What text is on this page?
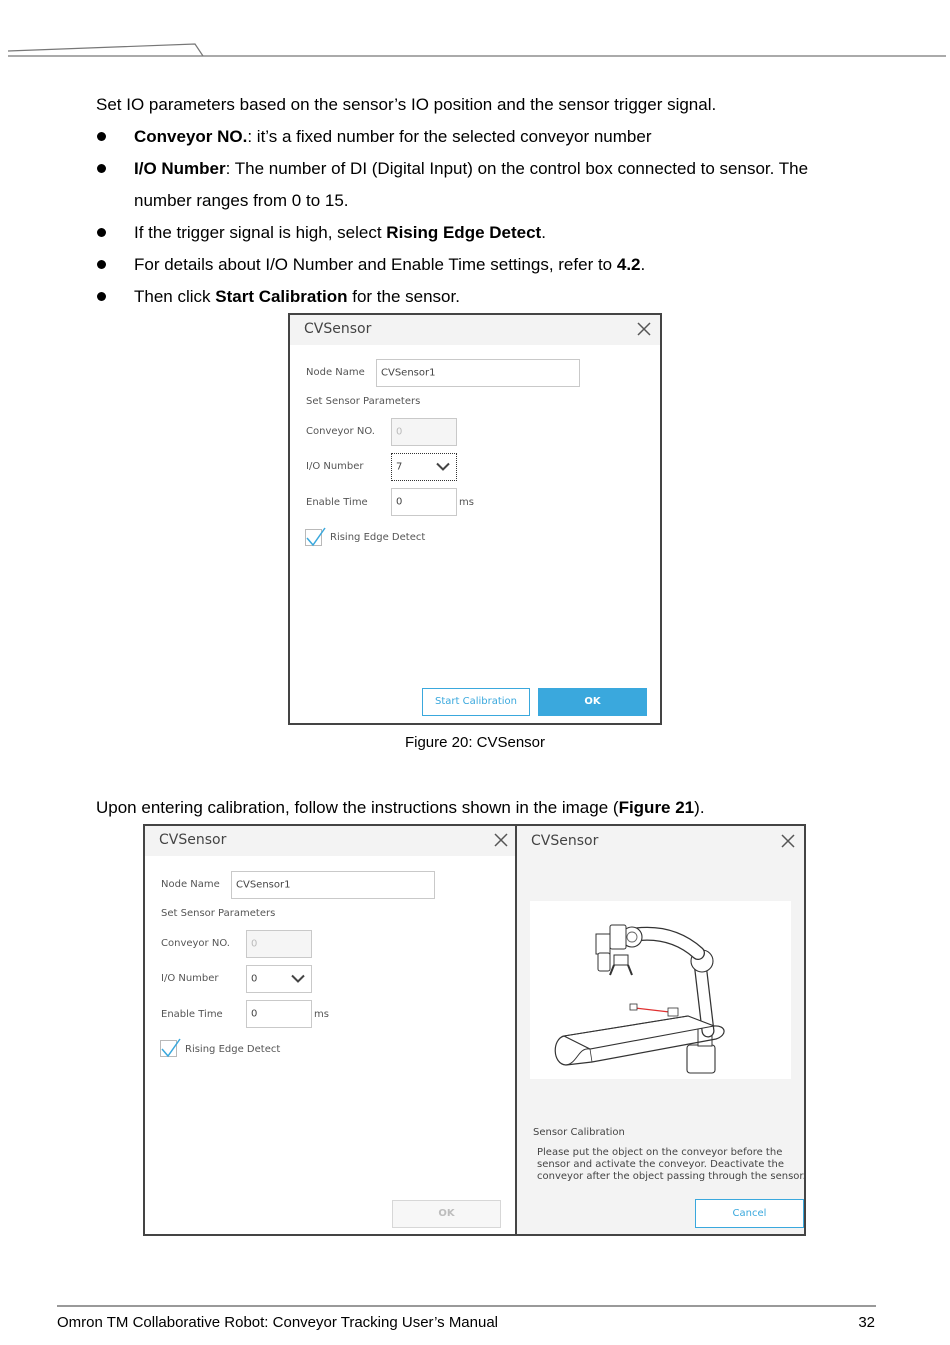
Set IO parameters based on the sensor’s IO position and the sensor trigger signal.
Conveyor NO.: it’s a fixed number for the selected conveyor number
I/O Number: The number of DI (Digital Input) on the control box connected to sensor. The
number ranges from 0 to 15.
If the trigger signal is high, select Rising Edge Detect.
For details about I/O Number and Enable Time settings, refer to 4.2.
Then click Start Calibration for the sensor.
CVSensor
Node Name CVSensor1
Set Sensor Parameters
Conveyor NO. 0
I/O Number	7
Enable Time	0	ms
Rising Edge Detect
Start Calibration	OK
Figure 20: CVSensor
Upon entering calibration, follow the instructions shown in the image (Figure 21).
CVSensor
Node Name CVSensor1
Set Sensor Parameters
Conveyor NO. 0
I/O Number	0
Enable Time	0	ms
Rising Edge Detect
OK
CVSensor
Sensor Calibration
Please put the object on the conveyor before the
sensor and activate the conveyor. Deactivate the
conveyor after the object passing through the sensor.
Cancel
Omron TM Collaborative Robot: Conveyor Tracking User’s Manual	32
